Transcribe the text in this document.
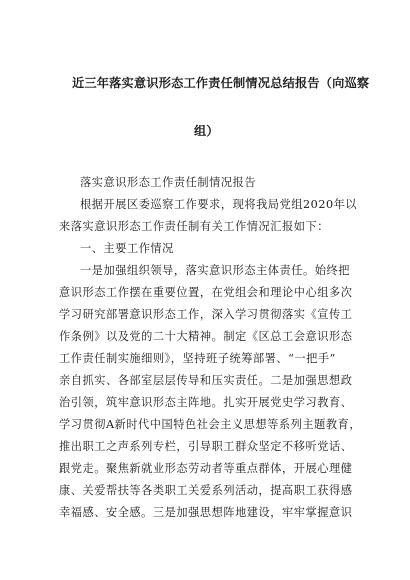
近三年落实意识形态工作责任制情况总结报告（向巡察
组）
落实意识形态工作责任制情况报告
根据开展区委巡察工作要求，现将我局党组2020年以
来落实意识形态工作责任制有关工作情况汇报如下：
一、主要工作情况
一是加强组织领导，落实意识形态主体责任。始终把
意识形态工作摆在重要位置，在党组会和理论中心组多次
学习研究部署意识形态工作，深入学习贯彻落实《宣传工
作条例》以及党的二十大精神。制定《区总工会意识形态
工作责任制实施细则》，坚持班子统筹部署、“一把手”
亲自抓实、各部室层层传导和压实责任。二是加强思想政
治引领，筑牢意识形态主阵地。扎实开展党史学习教育、
学习贯彻A新时代中国特色社会主义思想等系列主题教育，
推出职工之声系列专栏，引导职工群众坚定不移听党话、
跟党走。聚焦新就业形态劳动者等重点群体，开展心理健
康、关爱帮扶等各类职工关爱系列活动，提高职工获得感
幸福感、安全感。三是加强思想阵地建设，牢牢掌握意识
